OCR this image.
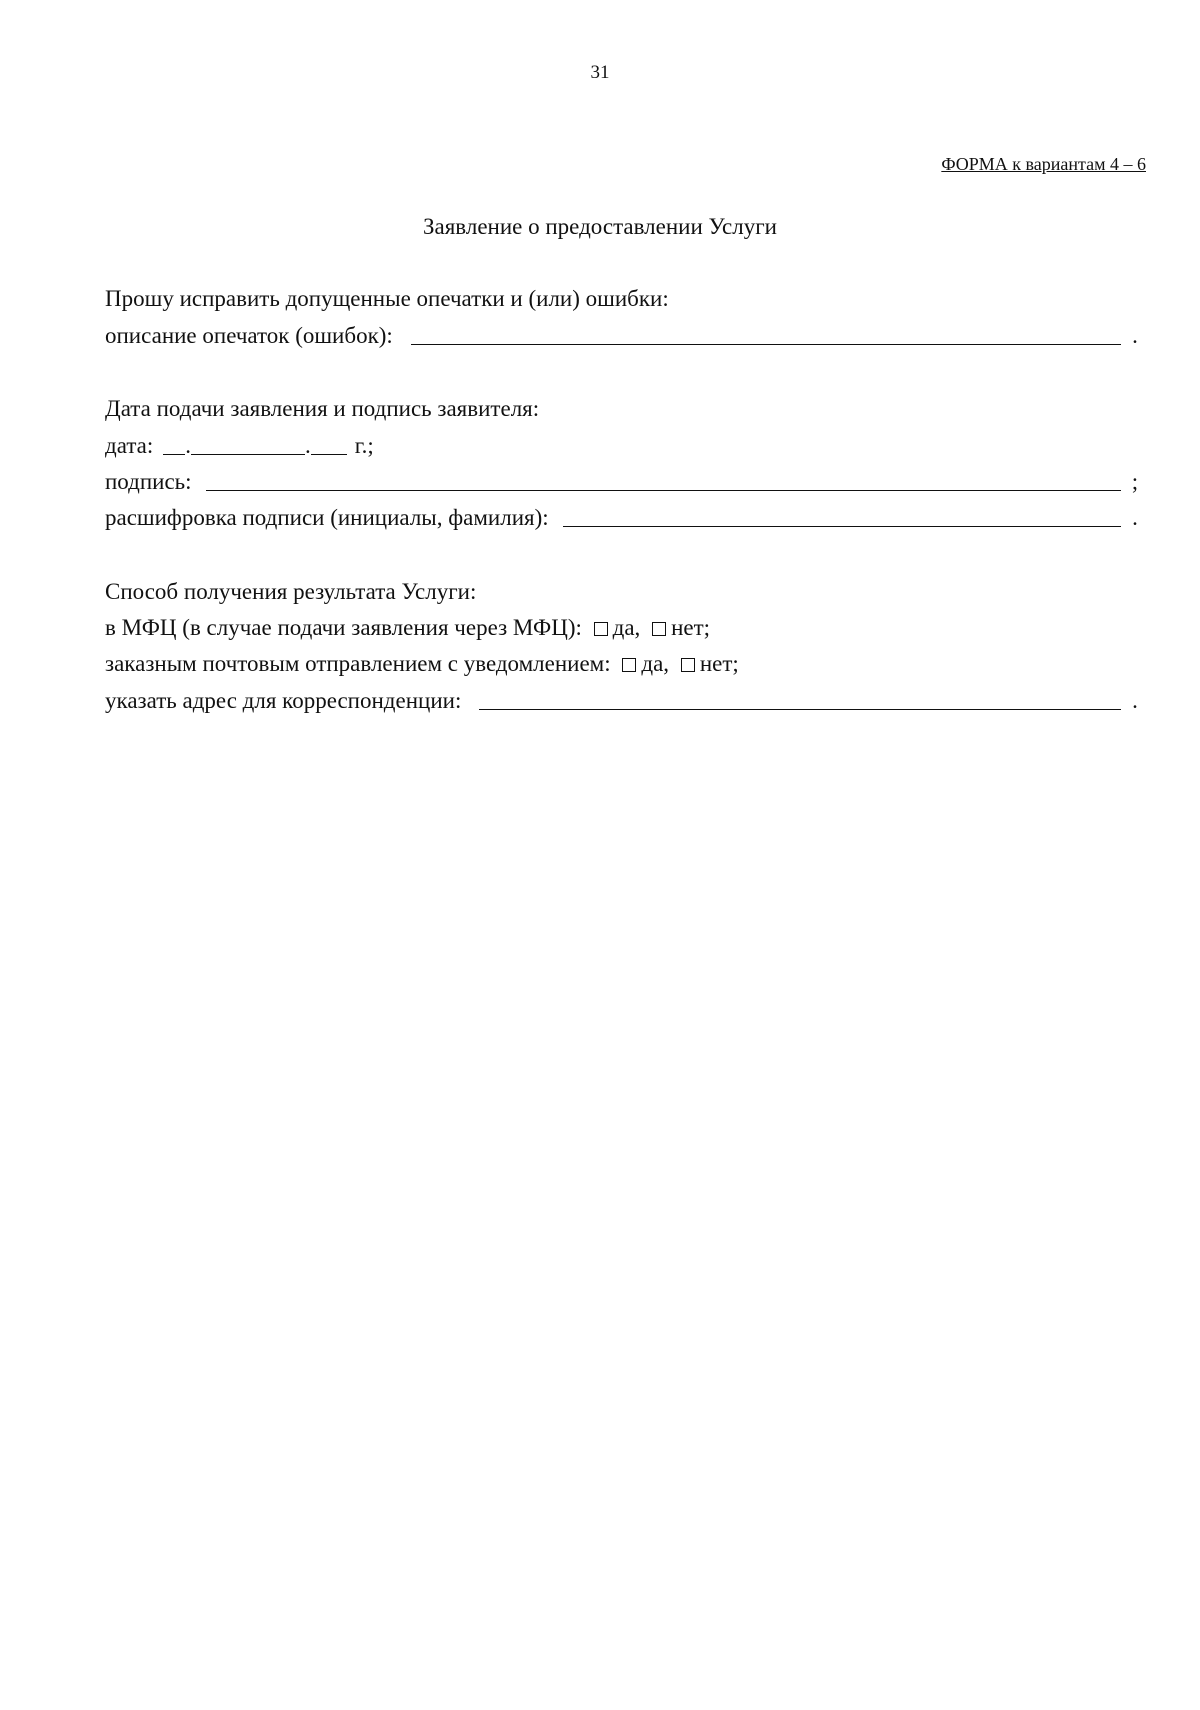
31
ФОРМА к вариантам 4 – 6
Заявление о предоставлении Услуги
Прошу исправить допущенные опечатки и (или) ошибки:
описание опечаток (ошибок):	.
Дата подачи заявления и подпись заявителя:
дата: .	. г.;
подпись:	;
расшифровка подписи (инициалы, фамилия):	.
Способ получения результата Услуги:
в МФЦ (в случае подачи заявления через МФЦ): да, нет;
заказным почтовым отправлением с уведомлением: да, нет;
указать адрес для корреспонденции:	.
